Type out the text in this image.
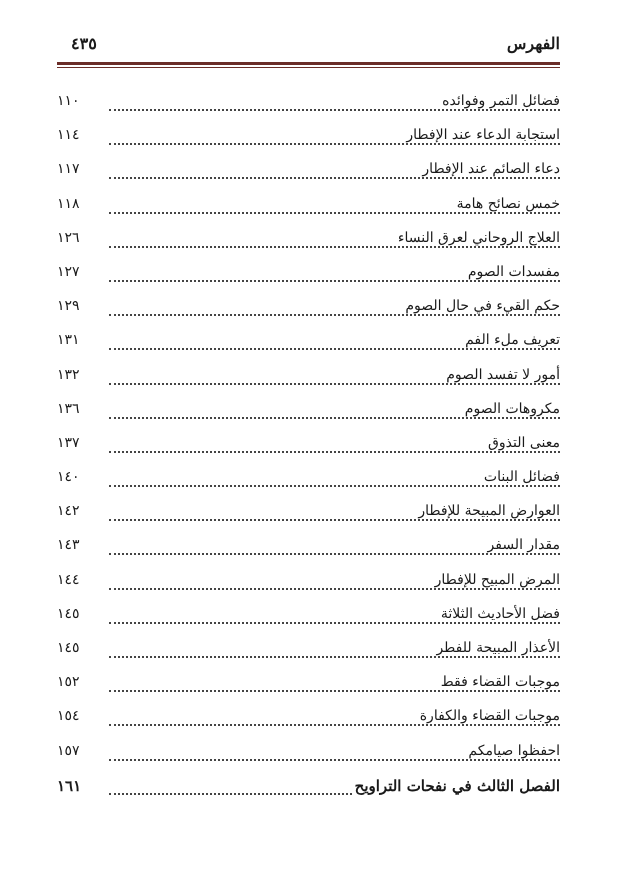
الفهرس
٤٣٥
فضائل التمر وفوائده
١١٠
استجابة الدعاء عند الإفطار
١١٤
دعاء الصائم عند الإفطار
١١٧
خمس نصائح هامة
١١٨
العلاج الروحاني لعرق النساء
١٢٦
مفسدات الصوم
١٢٧
حكم القيء في حال الصوم
١٢٩
تعريف ملء الفم
١٣١
أمور لا تفسد الصوم
١٣٢
مكروهات الصوم
١٣٦
معنى التذوق
١٣٧
فضائل البنات
١٤٠
العوارض المبيحة للإفطار
١٤٢
مقدار السفر
١٤٣
المرض المبيح للإفطار
١٤٤
فضل الأحاديث الثلاثة
١٤٥
الأعذار المبيحة للفطر
١٤٥
موجبات القضاء فقط
١٥٢
موجبات القضاء والكفارة
١٥٤
احفظوا صيامكم
١٥٧
الفصل الثالث في نفحات التراويح
١٦١
